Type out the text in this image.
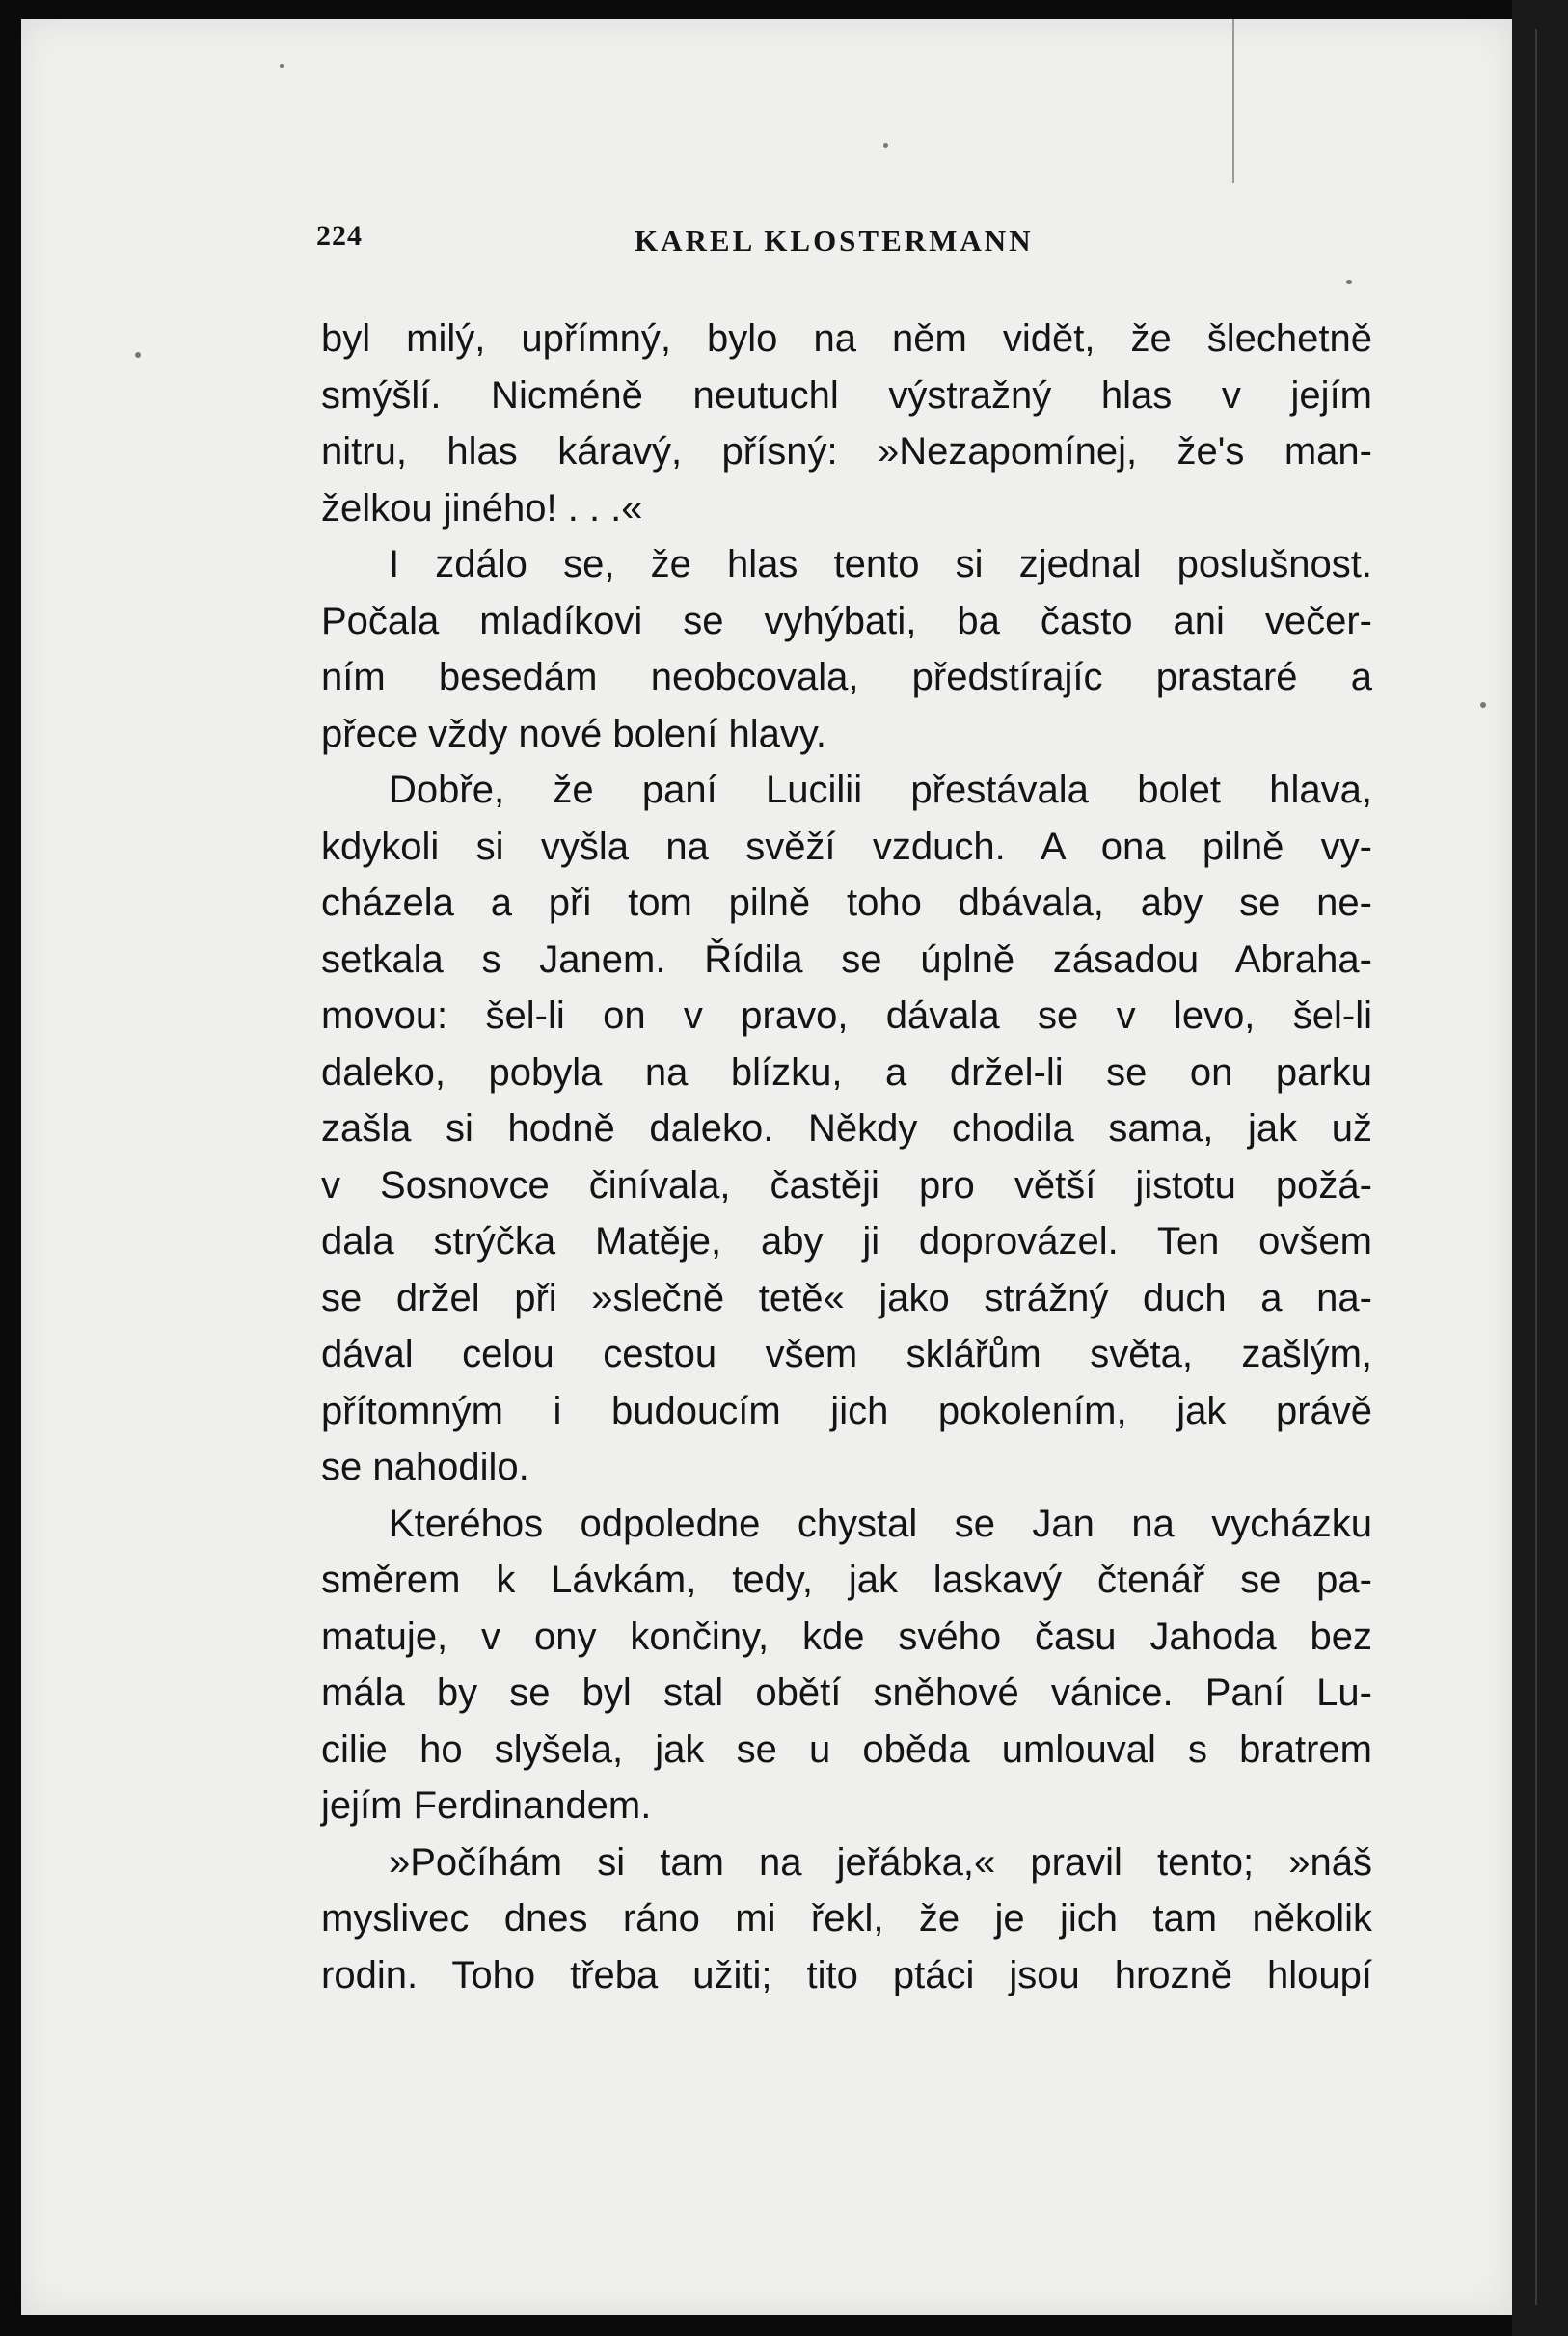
224	KAREL KLOSTERMANN
byl milý, upřímný, bylo na něm vidět, že šlechetně
smýšlí. Nicméně neutuchl výstražný hlas v jejím
nitru, hlas káravý, přísný: »Nezapomínej, že's man-
želkou jiného! . . .«
I zdálo se, že hlas tento si zjednal poslušnost.
Počala mladíkovi se vyhýbati, ba často ani večer-
ním besedám neobcovala, předstírajíc prastaré a
přece vždy nové bolení hlavy.
Dobře, že paní Lucilii přestávala bolet hlava,
kdykoli si vyšla na svěží vzduch. A ona pilně vy-
cházela a při tom pilně toho dbávala, aby se ne-
setkala s Janem. Řídila se úplně zásadou Abraha-
movou: šel-li on v pravo, dávala se v levo, šel-li
daleko, pobyla na blízku, a držel-li se on parku
zašla si hodně daleko. Někdy chodila sama, jak už
v Sosnovce činívala, častěji pro větší jistotu požá-
dala strýčka Matěje, aby ji doprovázel. Ten ovšem
se držel při »slečně tetě« jako strážný duch a na-
dával celou cestou všem sklářům světa, zašlým,
přítomným i budoucím jich pokolením, jak právě
se nahodilo.
Kteréhos odpoledne chystal se Jan na vycházku
směrem k Lávkám, tedy, jak laskavý čtenář se pa-
matuje, v ony končiny, kde svého času Jahoda bez
mála by se byl stal obětí sněhové vánice. Paní Lu-
cilie ho slyšela, jak se u oběda umlouval s bratrem
jejím Ferdinandem.
»Počíhám si tam na jeřábka,« pravil tento; »náš
myslivec dnes ráno mi řekl, že je jich tam několik
rodin. Toho třeba užiti; tito ptáci jsou hrozně hloupí
